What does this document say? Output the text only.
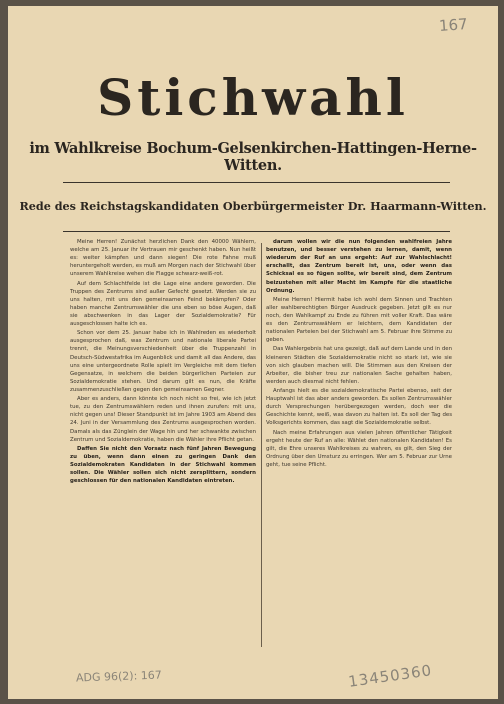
167
Stichwahl
im Wahlkreise Bochum-Gelsenkirchen-Hattingen-Herne-Witten.
Rede des Reichstagskandidaten Oberbürgermeister Dr. Haarmann-Witten.

Meine Herren! Zunächst herzlichen Dank den 40000 Wählern, welche am 25. Januar ihr Vertrauen mir geschenkt haben. Nun heißt es: weiter kämpfen und dann siegen! Die rote Fahne muß heruntergeholt werden, es muß am Morgen nach der Stichwahl über unserem Wahlkreise wehen die Flagge schwarz-weiß-rot.

Auf dem Schlachtfelde ist die Lage eine andere geworden. Die Truppen des Zentrums sind außer Gefecht gesetzt. Werden sie zu uns halten, mit uns den gemeinsamen Feind bekämpfen? Oder haben manche Zentrumswähler die uns eben so böse Augen, daß sie abschwenken in das Lager der Sozialdemokratie? Für ausgeschlossen halte ich es.

Schon vor dem 25. Januar habe ich in Wahlreden es wiederholt ausgesprochen daß, was Zentrum und nationale liberale Partei trennt, die Meinungsverschiedenheit über die Truppenzahl in Deutsch-Südwestafrika im Augenblick und damit all das Andere, das uns eine untergeordnete Rolle spielt im Vergleiche mit dem tiefen Gegensatze, in welchem die beiden bürgerlichen Parteien zur Sozialdemokratie stehen. Und darum gilt es nun, die Kräfte zusammenzuschließen gegen den gemeinsamen Gegner.

Aber es anders, dann könnte ich noch nicht so frei, wie ich jetzt tue, zu den Zentrumswählern reden und ihnen zurufen: mit uns, nicht gegen uns! Dieser Standpunkt ist im Jahre 1903 am Abend des 24. Juni in der Versammlung des Zentrums ausgesprochen worden. Damals als das Zünglein der Wage hin und her schwankte zwischen Zentrum und Sozialdemokratie, haben die Wähler ihre Pflicht getan.

Daffen Sie nicht den Vorsatz nach fünf Jahren Bewegung zu üben, wenn dann einen zu geringen Dank den Sozialdemokraten Kandidaten in der Stichwahl kommen sollen. Die Wähler sollen sich nicht zersplittern, sondern geschlossen für den nationalen Kandidaten eintreten.

darum wollen wir die nun folgenden wahlfreien Jahre benutzen, und besser verstehen zu lernen, damit, wenn wiederum der Ruf an uns ergeht: Auf zur Wahlschlacht! erschallt, das Zentrum bereit ist, uns, oder wenn das Schicksal es so fügen sollte, wir bereit sind, dem Zentrum beizustehen mit aller Macht im Kampfe für die staatliche Ordnung.

Meine Herren! Hiermit habe ich wohl dem Sinnen und Trachten aller wahlberechtigten Bürger Ausdruck gegeben. Jetzt gilt es nur noch, den Wahlkampf zu Ende zu führen mit voller Kraft. Das wäre es den Zentrumswählern er leichtern, dem Kandidaten der nationalen Parteien bei der Stichwahl am 5. Februar ihre Stimme zu geben.

Das Wahlergebnis hat uns gezeigt, daß auf dem Lande und in den kleineren Städten die Sozialdemokratie nicht so stark ist, wie sie von sich glauben machen will. Die Stimmen aus den Kreisen der Arbeiter, die bisher treu zur nationalen Sache gehalten haben, werden auch diesmal nicht fehlen.

Anfangs hielt es die sozialdemokratische Partei ebenso, seit der Hauptwahl ist das aber anders geworden. Es sollen Zentrumswähler durch Versprechungen herübergezogen werden, doch wer die Geschichte kennt, weiß, was davon zu halten ist. Es soll der Tag des Volksgerichts kommen, das sagt die Sozialdemokratie selbst.

Nach meine Erfahrungen aus vielen Jahren öffentlicher Tätigkeit ergeht heute der Ruf an alle: Wählet den nationalen Kandidaten! Es gilt, die Ehre unseres Wahlkreises zu wahren, es gilt, den Sieg der Ordnung über den Umsturz zu erringen. Wer am 5. Februar zur Urne geht, tue seine Pflicht.

ADG 96(2): 167	13450360
